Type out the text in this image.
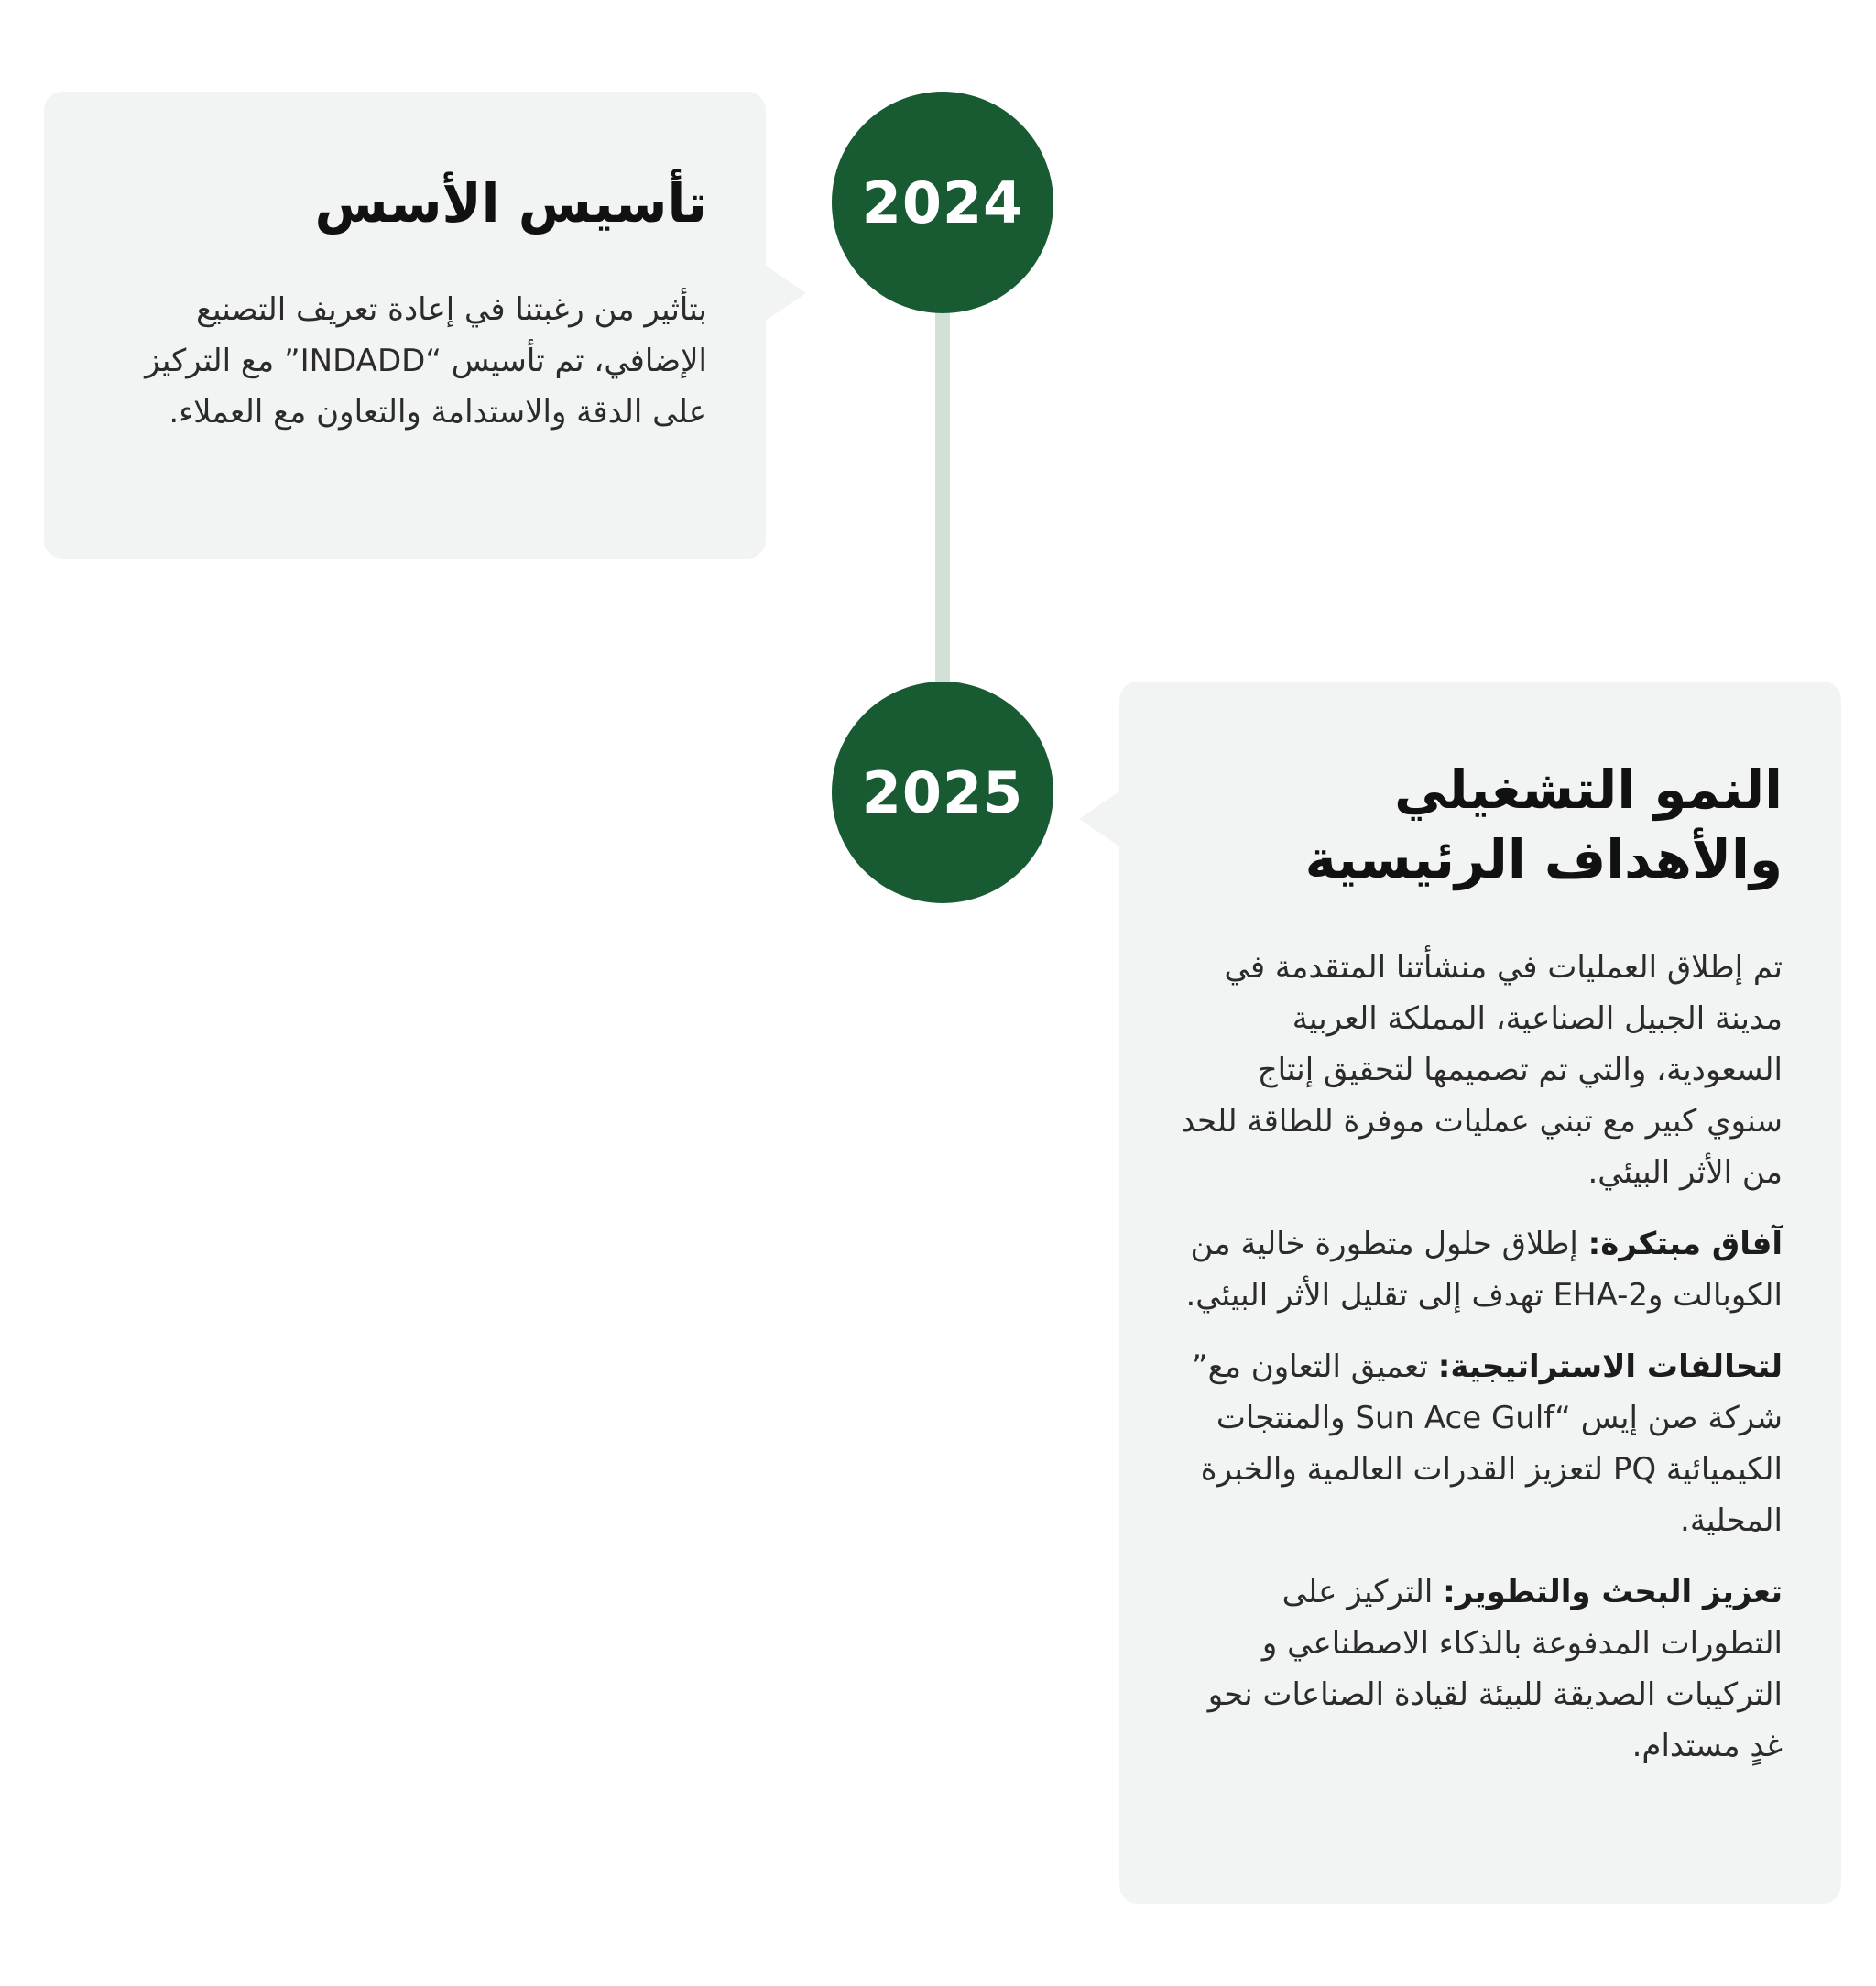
2024
تأسيس الأسس

بتأثير من رغبتنا في إعادة تعريف التصنيع الإضافي، تم تأسيس “INDADD” مع التركيز على الدقة والاستدامة والتعاون مع العملاء.

2025	النمو التشغيلي
والأهداف الرئيسية

تم إطلاق العمليات في منشأتنا المتقدمة في مدينة الجبيل الصناعية، المملكة العربية السعودية، والتي تم تصميمها لتحقيق إنتاج سنوي كبير مع تبني عمليات موفرة للطاقة للحد من الأثر البيئي.

آفاق مبتكرة: إطلاق حلول متطورة خالية من الكوبالت وEHA-2 تهدف إلى تقليل الأثر البيئي.

لتحالفات الاستراتيجية: تعميق التعاون مع” شركة صن إيس “Sun Ace Gulf والمنتجات الكيميائية PQ لتعزيز القدرات العالمية والخبرة المحلية.

تعزيز البحث والتطوير: التركيز على التطورات المدفوعة بالذكاء الاصطناعي و التركيبات الصديقة للبيئة لقيادة الصناعات نحو غدٍ مستدام.
